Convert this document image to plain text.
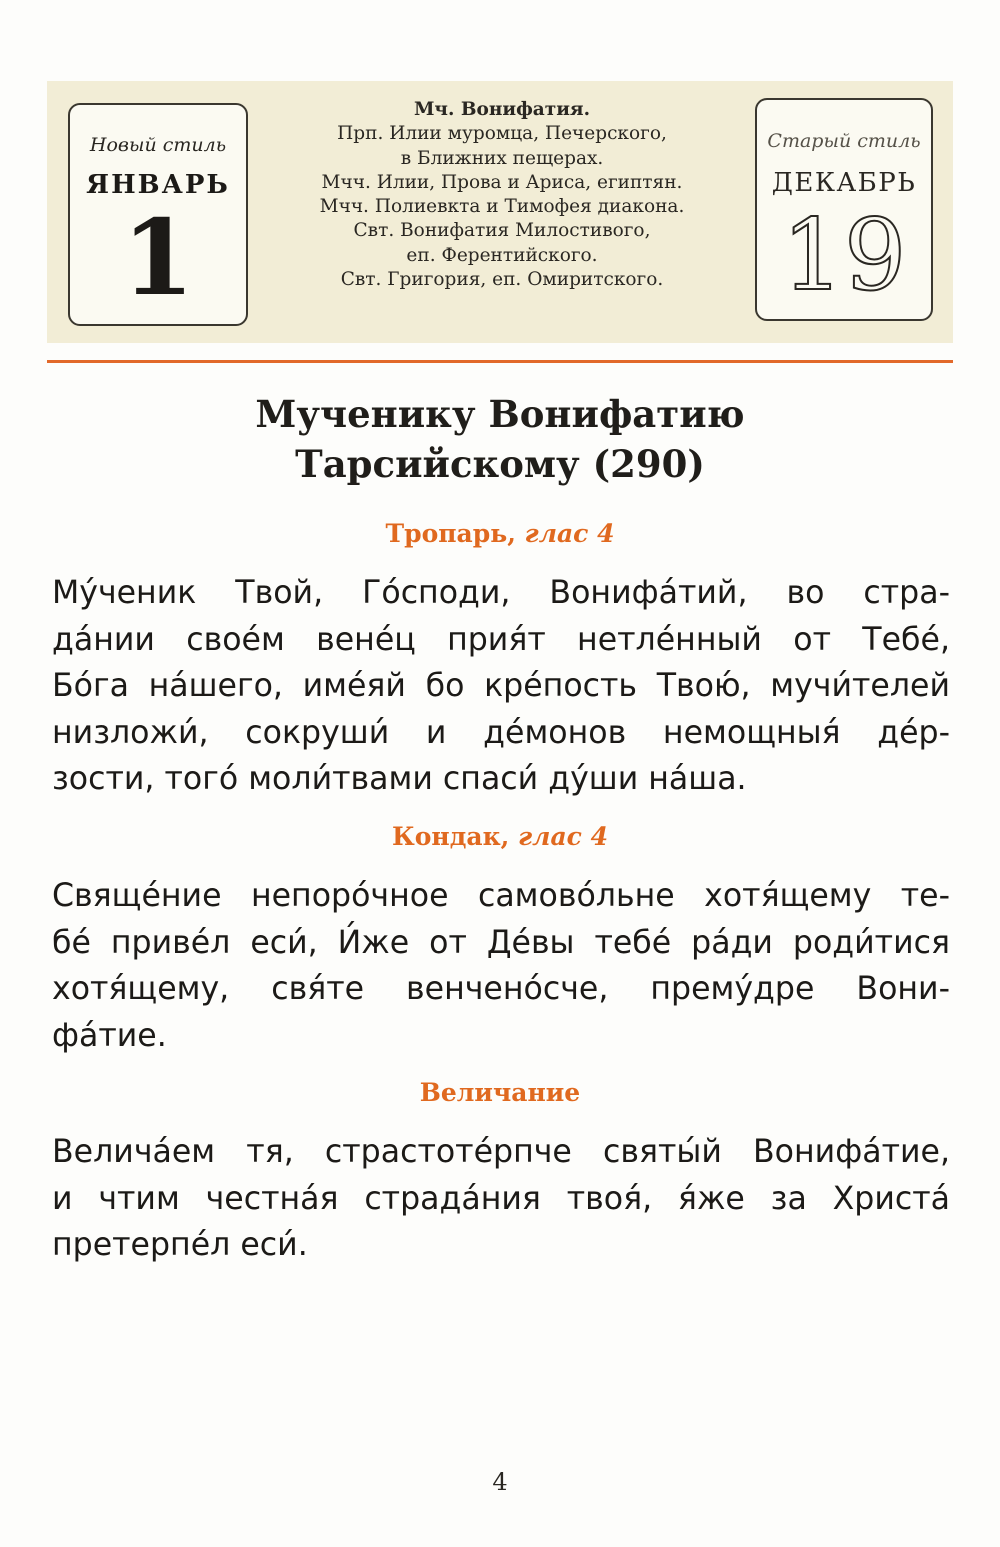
Новый стиль
ЯНВАРЬ
1
Мч. Вонифатия.
Прп. Илии муромца, Печерского,
в Ближних пещерах.
Мчч. Илии, Прова и Ариса, египтян.
Мчч. Полиевкта и Тимофея диакона.
Свт. Вонифатия Милостивого,
еп. Ферентийского.
Свт. Григория, еп. Омиритского.
Старый стиль
ДЕКАБРЬ
19
Мученику Вонифатию
Тарсийскому (290)
Тропарь, глас 4
Му́ченик Твой, Го́споди, Вонифа́тий, во стра-
да́нии свое́м вене́ц прия́т нетле́нный от Тебе́,
Бо́га на́шего, име́яй бо кре́пость Твою́, мучи́телей
низложи́, сокруши́ и де́монов немощныя́ де́р-
зости, того́ моли́твами спаси́ ду́ши на́ша.
Кондак, глас 4
Свяще́ние непоро́чное самово́льне хотя́щему те-
бе́ приве́л еси́, И́же от Де́вы тебе́ ра́ди роди́тися
хотя́щему, свя́те венчено́сче, прему́дре Вони-
фа́тие.
Величание
Велича́ем тя, страстоте́рпче святы́й Вонифа́тие,
и чтим честна́я страда́ния твоя́, я́же за Христа́
претерпе́л еси́.
4
